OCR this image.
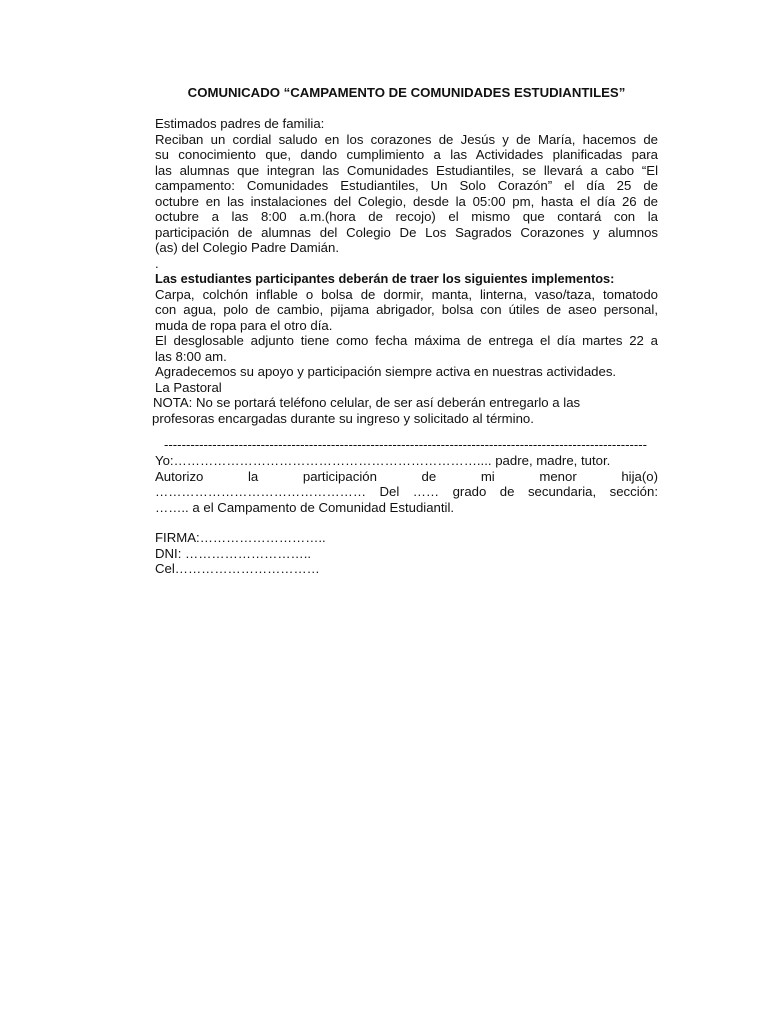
COMUNICADO “CAMPAMENTO DE COMUNIDADES ESTUDIANTILES”
Estimados padres de familia:
Reciban un cordial saludo en los corazones de Jesús y de María, hacemos de
su conocimiento que, dando cumplimiento a las Actividades planificadas para
las alumnas que integran las Comunidades Estudiantiles, se llevará a cabo “El
campamento: Comunidades Estudiantiles, Un Solo Corazón” el día 25 de
octubre en las instalaciones del Colegio, desde la 05:00 pm, hasta el día 26 de
octubre a las 8:00 a.m.(hora de recojo) el mismo que contará con la
participación de alumnas del Colegio De Los Sagrados Corazones y alumnos
(as) del Colegio Padre Damián.
.
Las estudiantes participantes deberán de traer los siguientes implementos:
Carpa, colchón inflable o bolsa de dormir, manta, linterna, vaso/taza, tomatodo
con agua, polo de cambio, pijama abrigador, bolsa con útiles de aseo personal,
muda de ropa para el otro día.
El desglosable adjunto tiene como fecha máxima de entrega el día martes 22 a
las 8:00 am.
Agradecemos su apoyo y participación siempre activa en nuestras actividades.
La Pastoral
NOTA: No se portará teléfono celular, de ser así deberán entregarlo a las
profesoras encargadas durante su ingreso y solicitado al término.
--------------------------------------------------------------------------------------------------------------
Yo:…………………………………………………………….... padre, madre, tutor.
Autorizo la participación de mi menor hija(o)
………………………………………… Del …… grado de secundaria, sección:
…….. a el Campamento de Comunidad Estudiantil.
FIRMA:………………………..
DNI: ………………………..
Cel……………………………
